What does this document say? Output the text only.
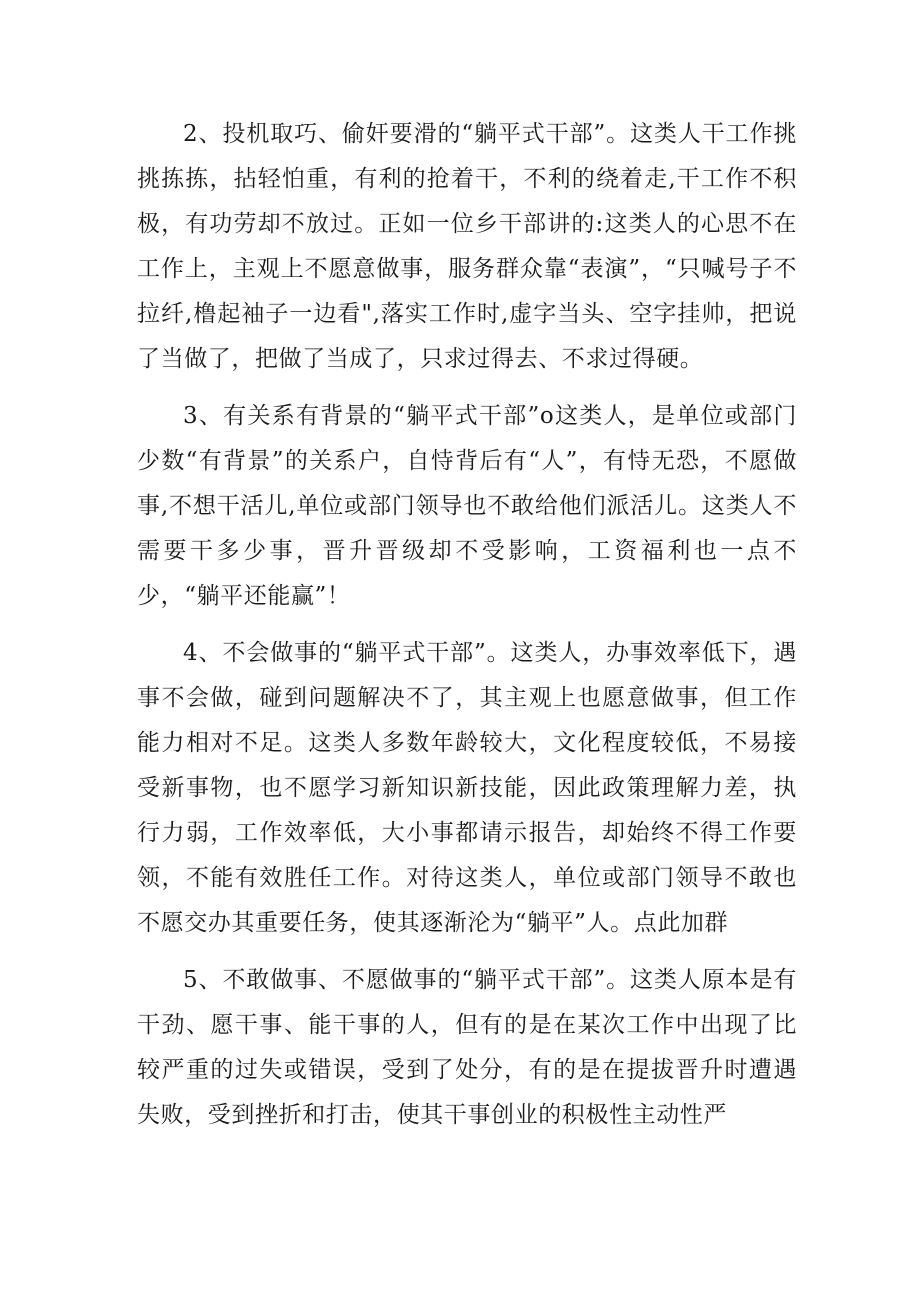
2、投机取巧、偷奸要滑的“躺平式干部”。这类人干工作挑挑拣拣，拈轻怕重，有利的抢着干，不利的绕着走,干工作不积极，有功劳却不放过。正如一位乡干部讲的:这类人的心思不在工作上，主观上不愿意做事，服务群众靠“表演”，“只喊号子不拉纤,橹起袖子一边看",落实工作时,虚字当头、空字挂帅，把说了当做了，把做了当成了，只求过得去、不求过得硬。

3、有关系有背景的“躺平式干部”o这类人，是单位或部门少数“有背景”的关系户，自恃背后有“人”，有恃无恐，不愿做事,不想干活儿,单位或部门领导也不敢给他们派活儿。这类人不需要干多少事，晋升晋级却不受影响，工资福利也一点不少，“躺平还能赢”！

4、不会做事的“躺平式干部”。这类人，办事效率低下，遇事不会做，碰到问题解决不了，其主观上也愿意做事，但工作能力相对不足。这类人多数年龄较大，文化程度较低，不易接受新事物，也不愿学习新知识新技能，因此政策理解力差，执行力弱，工作效率低，大小事都请示报告，却始终不得工作要领，不能有效胜任工作。对待这类人，单位或部门领导不敢也不愿交办其重要任务，使其逐渐沦为“躺平”人。点此加群

5、不敢做事、不愿做事的“躺平式干部”。这类人原本是有干劲、愿干事、能干事的人，但有的是在某次工作中出现了比较严重的过失或错误，受到了处分，有的是在提拔晋升时遭遇失败，受到挫折和打击，使其干事创业的积极性主动性严
